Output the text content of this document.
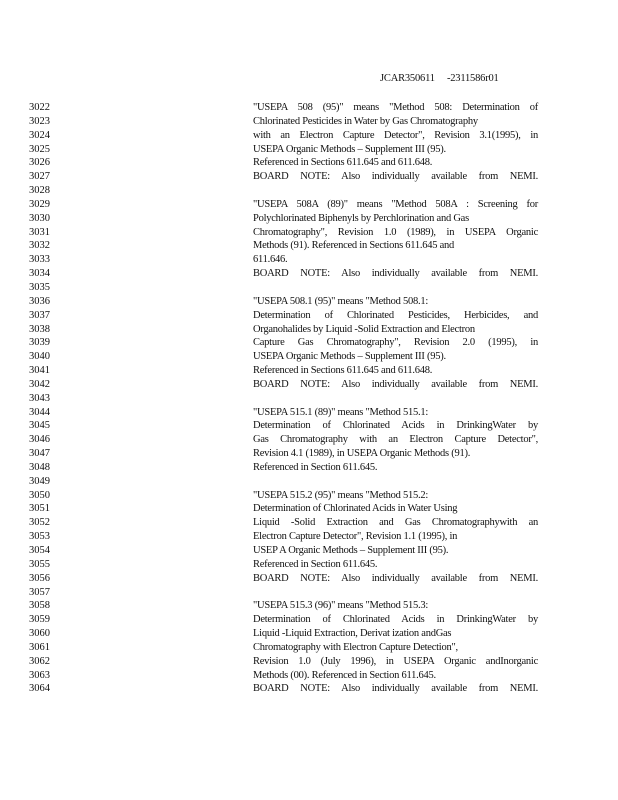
JCAR350611 -2311586r01
3022	"USEPA 508 (95)" means "Method 508: Determination of
3023	Chlorinated Pesticides in Water by Gas Chromatography
3024	with an Electron Capture Detector", Revision 3.1(1995), in
3025	USEPA Organic Methods – Supplement III (95).
3026	Referenced in Sections 611.645 and 611.648.
3027	BOARD NOTE: Also individually available from NEMI.
3028
3029	"USEPA 508A (89)" means "Method 508A : Screening for
3030	Polychlorinated Biphenyls by Perchlorination and Gas
3031	Chromatography", Revision 1.0 (1989), in USEPA Organic
3032	Methods (91). Referenced in Sections 611.645 and
3033	611.646.
3034	BOARD NOTE: Also individually available from NEMI.
3035
3036	"USEPA 508.1 (95)" means "Method 508.1:
3037	Determination of Chlorinated Pesticides, Herbicides, and
3038	Organohalides by Liquid -Solid Extraction and Electron
3039	Capture Gas Chromatography", Revision 2.0 (1995), in
3040	USEPA Organic Methods – Supplement III (95).
3041	Referenced in Sections 611.645 and 611.648.
3042	BOARD NOTE: Also individually available from NEMI.
3043
3044	"USEPA 515.1 (89)" means "Method 515.1:
3045	Determination of Chlorinated Acids in DrinkingWater by
3046	Gas Chromatography with an Electron Capture Detector",
3047	Revision 4.1 (1989), in USEPA Organic Methods (91).
3048	Referenced in Section 611.645.
3049
3050	"USEPA 515.2 (95)" means "Method 515.2:
3051	Determination of Chlorinated Acids in Water Using
3052	Liquid -Solid Extraction and Gas Chromatographywith an
3053	Electron Capture Detector", Revision 1.1 (1995), in
3054	USEP A Organic Methods – Supplement III (95).
3055	Referenced in Section 611.645.
3056	BOARD NOTE: Also individually available from NEMI.
3057
3058	"USEPA 515.3 (96)" means "Method 515.3:
3059	Determination of Chlorinated Acids in DrinkingWater by
3060	Liquid -Liquid Extraction, Derivat ization andGas
3061	Chromatography with Electron Capture Detection",
3062	Revision 1.0 (July 1996), in USEPA Organic andInorganic
3063	Methods (00). Referenced in Section 611.645.
3064	BOARD NOTE: Also individually available from NEMI.
